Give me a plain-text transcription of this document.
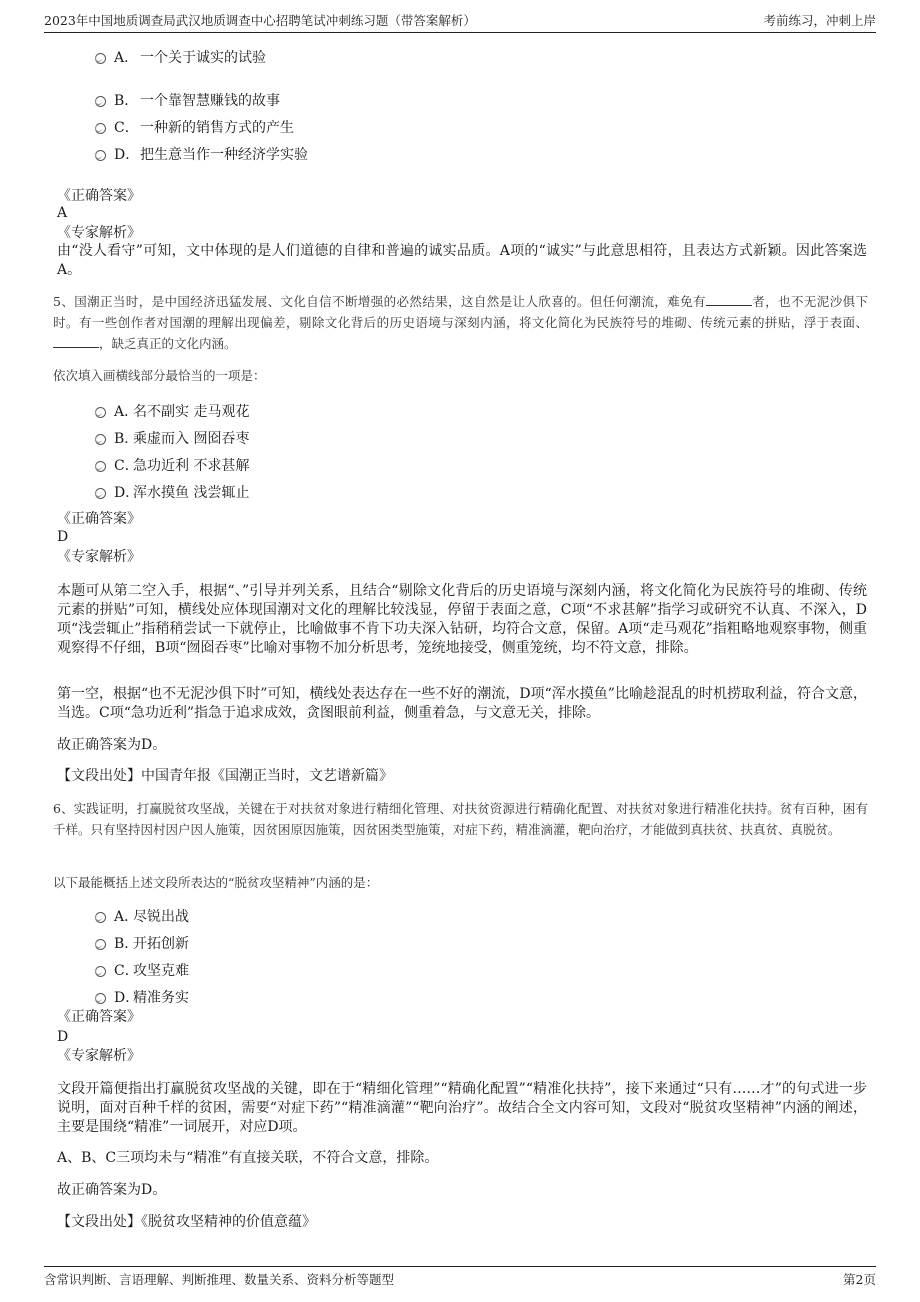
2023年中国地质调查局武汉地质调查中心招聘笔试冲刺练习题（带答案解析）	考前练习，冲刺上岸
A． 一个关于诚实的试验
B． 一个靠智慧赚钱的故事
C． 一种新的销售方式的产生
D． 把生意当作一种经济学实验
《正确答案》
A
《专家解析》
由“没人看守”可知，文中体现的是人们道德的自律和普遍的诚实品质。A项的“诚实”与此意思相符，且表达方式新颖。因此答案选A。
5、国潮正当时，是中国经济迅猛发展、文化自信不断增强的必然结果，这自然是让人欣喜的。但任何潮流，难免有	者，也不无泥沙俱下时。有一些创作者对国潮的理解出现偏差，剔除文化背后的历史语境与深刻内涵，将文化简化为民族符号的堆砌、传统元素的拼贴，浮于表面、，缺乏真正的文化内涵。
依次填入画横线部分最恰当的一项是：
A．
名不副实 走马观花
B．
乘虚而入 囫囵吞枣
C．
急功近利 不求甚解
D．
浑水摸鱼 浅尝辄止
《正确答案》
D
《专家解析》
本题可从第二空入手，根据“、”引导并列关系，且结合“剔除文化背后的历史语境与深刻内涵，将文化简化为民族符号的堆砌、传统元素的拼贴”可知，横线处应体现国潮对文化的理解比较浅显，停留于表面之意，C项“不求甚解”指学习或研究不认真、不深入，D项“浅尝辄止”指稍稍尝试一下就停止，比喻做事不肯下功夫深入钻研，均符合文意，保留。A项“走马观花”指粗略地观察事物，侧重观察得不仔细，B项“囫囵吞枣”比喻对事物不加分析思考，笼统地接受，侧重笼统，均不符文意，排除。
第一空，根据“也不无泥沙俱下时”可知，横线处表达存在一些不好的潮流，D项“浑水摸鱼”比喻趁混乱的时机捞取利益，符合文意，当选。C项“急功近利”指急于追求成效，贪图眼前利益，侧重着急，与文意无关，排除。
故正确答案为D。
【文段出处】中国青年报《国潮正当时，文艺谱新篇》
6、实践证明，打赢脱贫攻坚战，关键在于对扶贫对象进行精细化管理、对扶贫资源进行精确化配置、对扶贫对象进行精准化扶持。贫有百种，困有千样。只有坚持因村因户因人施策，因贫困原因施策，因贫困类型施策，对症下药，精准滴灌，靶向治疗，才能做到真扶贫、扶真贫、真脱贫。
以下最能概括上述文段所表达的“脱贫攻坚精神”内涵的是：
A．
尽锐出战
B．
开拓创新
C．
攻坚克难
D．
精准务实
《正确答案》
D
《专家解析》
文段开篇便指出打赢脱贫攻坚战的关键，即在于“精细化管理”“精确化配置”“精准化扶持”，接下来通过“只有……才”的句式进一步说明，面对百种千样的贫困，需要“对症下药”“精准滴灌”“靶向治疗”。故结合全文内容可知，文段对“脱贫攻坚精神”内涵的阐述，主要是围绕“精准”一词展开，对应D项。
A、B、C三项均未与“精准”有直接关联，不符合文意，排除。
故正确答案为D。
【文段出处】《脱贫攻坚精神的价值意蕴》
含常识判断、言语理解、判断推理、数量关系、资料分析等题型	第2页
